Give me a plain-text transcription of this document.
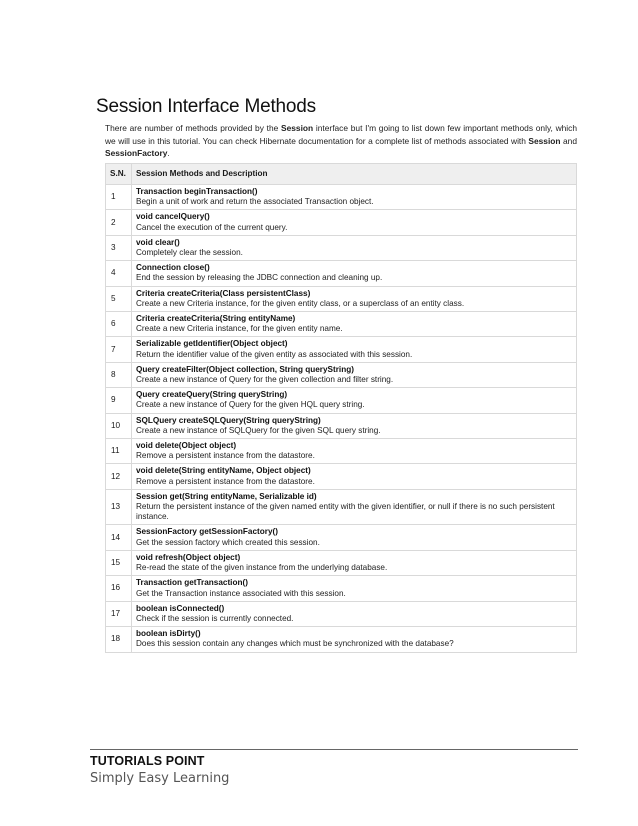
Session Interface Methods

There are number of methods provided by the Session interface but I'm going to list down few important methods only, which we will use in this tutorial. You can check Hibernate documentation for a complete list of methods associated with Session and SessionFactory.

S.N.	Session Methods and Description
1	Transaction beginTransaction()
Begin a unit of work and return the associated Transaction object.

2	void cancelQuery()
Cancel the execution of the current query.

3	void clear()
Completely clear the session.

4	Connection close()
End the session by releasing the JDBC connection and cleaning up.

5	Criteria createCriteria(Class persistentClass)
Create a new Criteria instance, for the given entity class, or a superclass of an entity class.

6	Criteria createCriteria(String entityName)
Create a new Criteria instance, for the given entity name.

7	Serializable getIdentifier(Object object)
Return the identifier value of the given entity as associated with this session.

8	Query createFilter(Object collection, String queryString)
Create a new instance of Query for the given collection and filter string.

9	Query createQuery(String queryString)
Create a new instance of Query for the given HQL query string.

10	SQLQuery createSQLQuery(String queryString)
Create a new instance of SQLQuery for the given SQL query string.

11	void delete(Object object)
Remove a persistent instance from the datastore.

12	void delete(String entityName, Object object)
Remove a persistent instance from the datastore.

13	Session get(String entityName, Serializable id)
Return the persistent instance of the given named entity with the given identifier, or null if there is no such persistent instance.

14	SessionFactory getSessionFactory()
Get the session factory which created this session.

15	void refresh(Object object)
Re-read the state of the given instance from the underlying database.

16	Transaction getTransaction()
Get the Transaction instance associated with this session.

17	boolean isConnected()
Check if the session is currently connected.

18	boolean isDirty()
Does this session contain any changes which must be synchronized with the database?
TUTORIALS POINT
Simply Easy Learning
